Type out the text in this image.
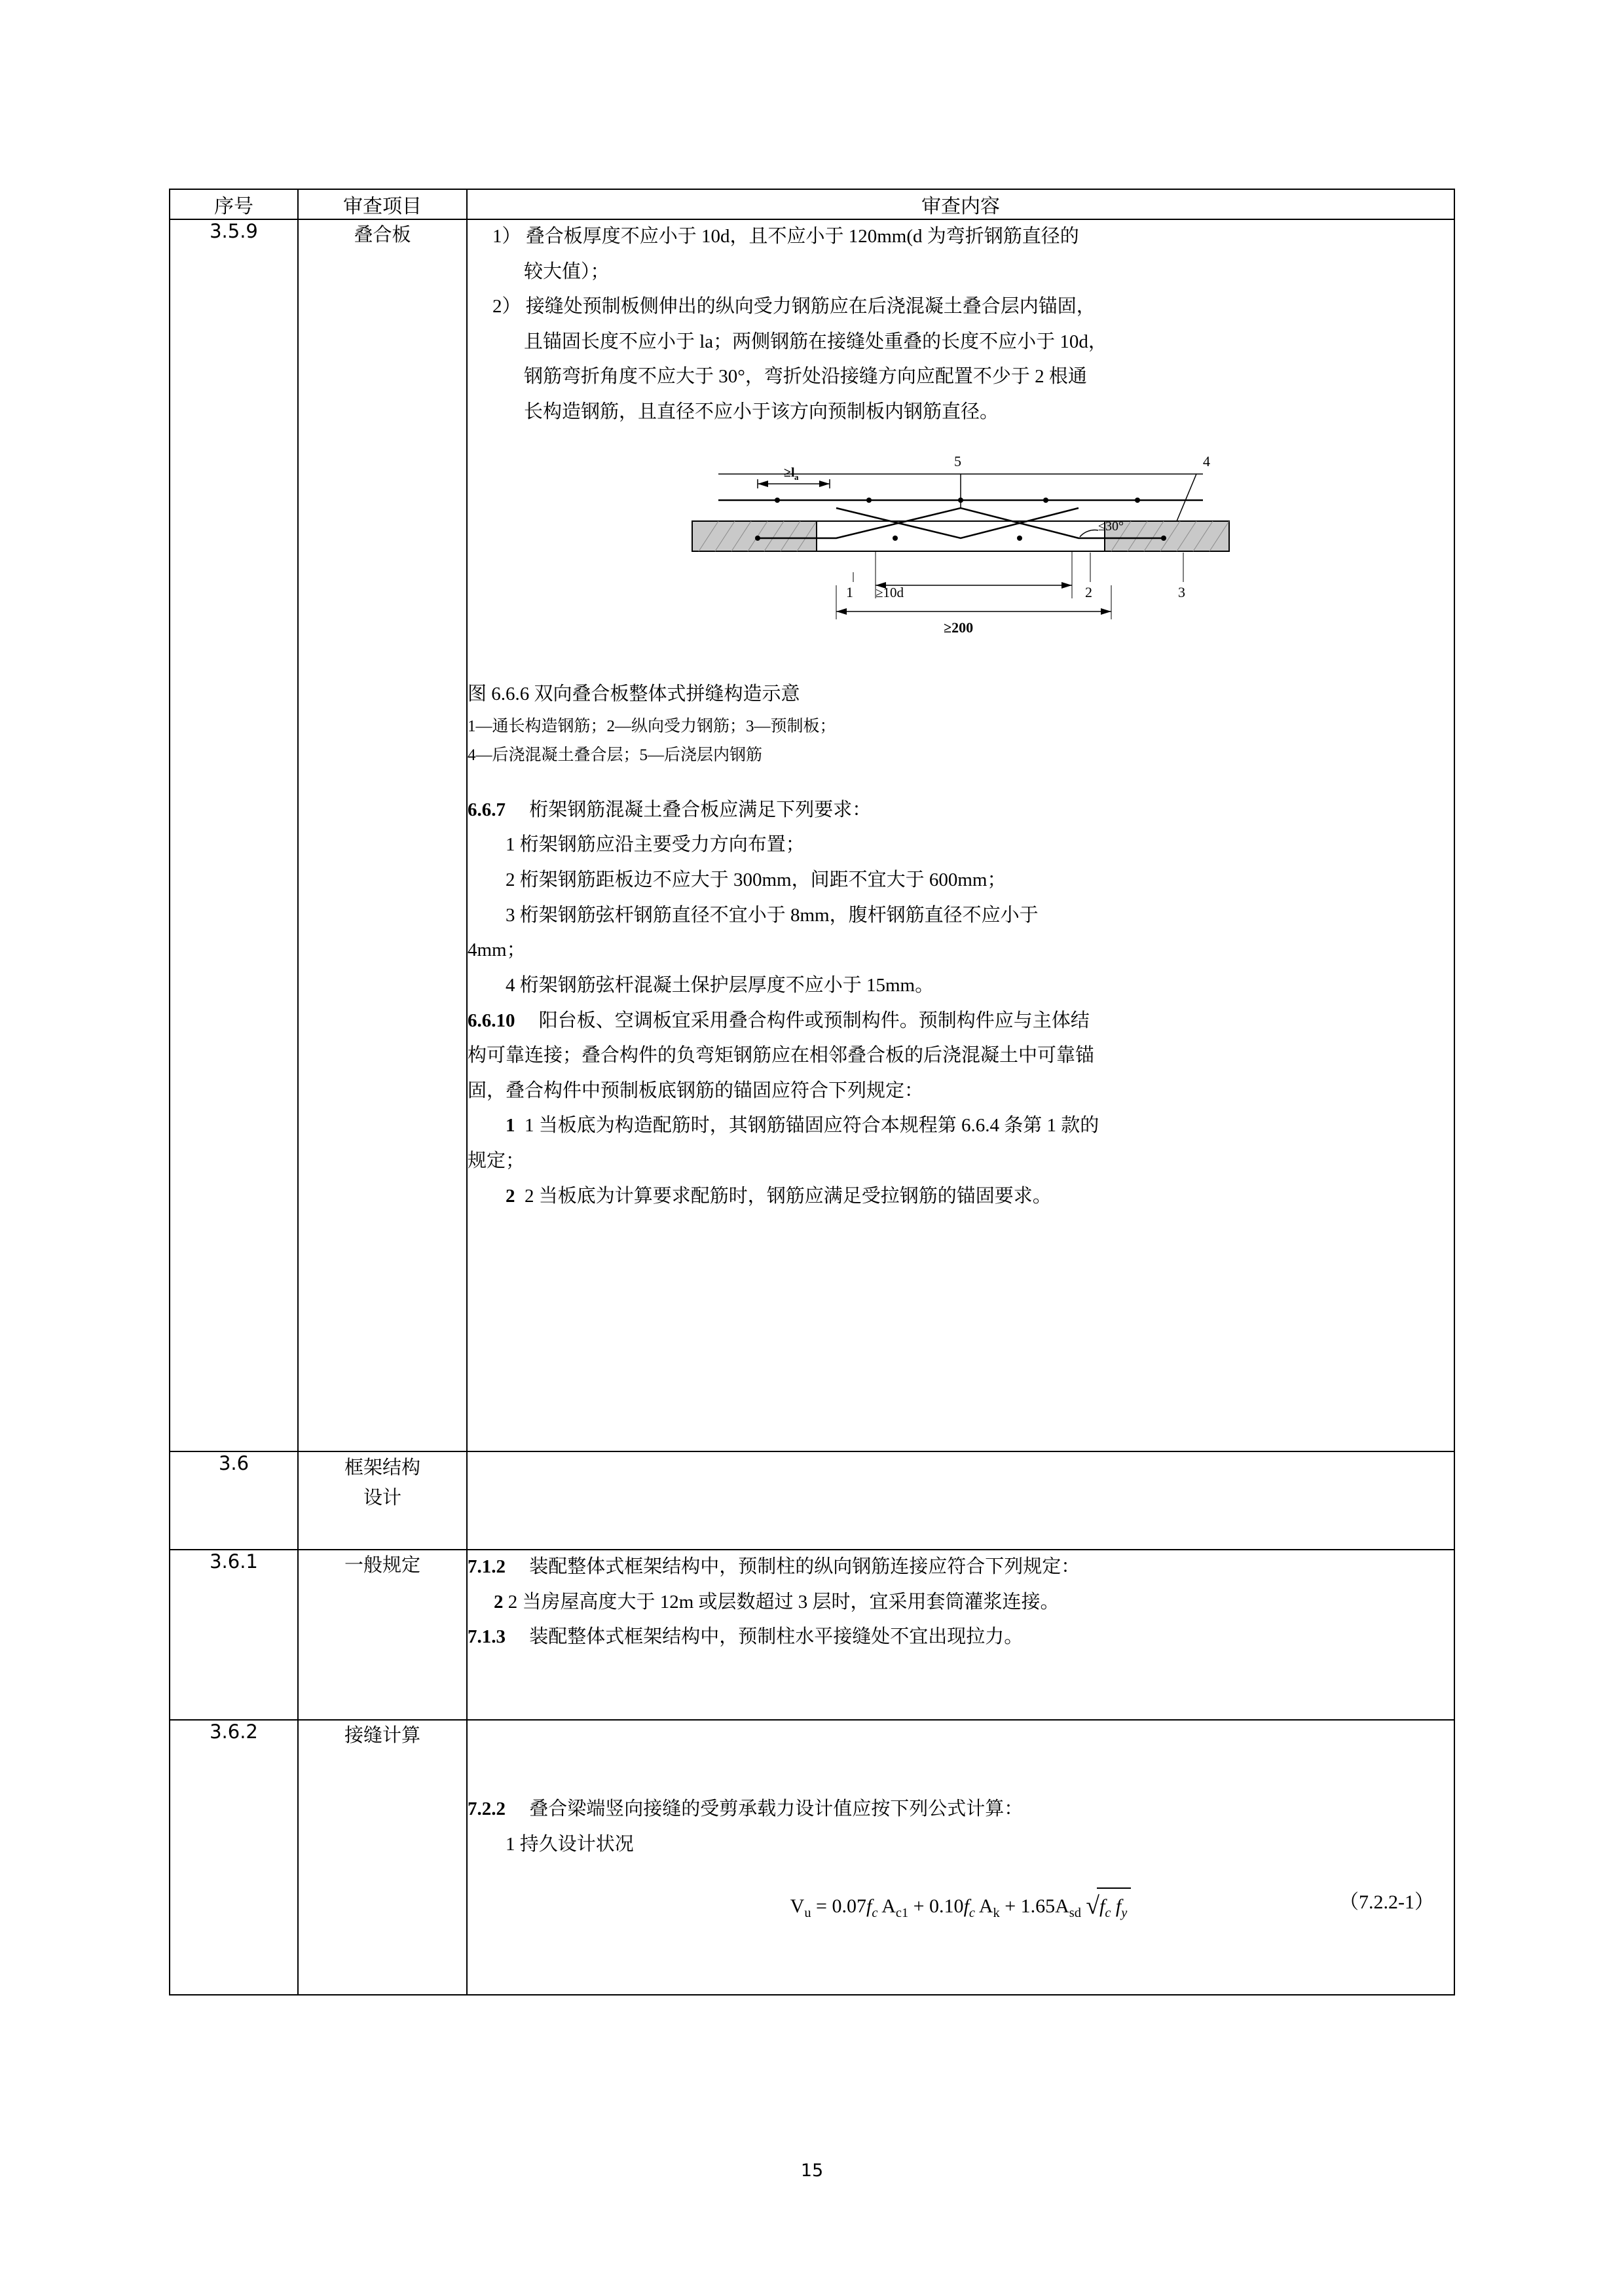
序号	审查项目	审查内容
3.5.9	叠合板	1） 叠合板厚度不应小于 10d，且不应小于 120mm(d 为弯折钢筋直径的

较大值）；

2） 接缝处预制板侧伸出的纵向受力钢筋应在后浇混凝土叠合层内锚固，

且锚固长度不应小于 la；两侧钢筋在接缝处重叠的长度不应小于 10d，

钢筋弯折角度不应大于 30°，弯折处沿接缝方向应配置不少于 2 根通

长构造钢筋，且直径不应小于该方向预制板内钢筋直径。

≥l a
5	4
≤30°
1 ≥10d	2	3
≥200

图 6.6.6 双向叠合板整体式拼缝构造示意

1—通长构造钢筋；2—纵向受力钢筋；3—预制板；

4—后浇混凝土叠合层；5—后浇层内钢筋

6.6.7 桁架钢筋混凝土叠合板应满足下列要求：

1 桁架钢筋应沿主要受力方向布置；

2 桁架钢筋距板边不应大于 300mm，间距不宜大于 600mm；

3 桁架钢筋弦杆钢筋直径不宜小于 8mm，腹杆钢筋直径不应小于

4mm；

4 桁架钢筋弦杆混凝土保护层厚度不应小于 15mm。

6.6.10 阳台板、空调板宜采用叠合构件或预制构件。预制构件应与主体结

构可靠连接；叠合构件的负弯矩钢筋应在相邻叠合板的后浇混凝土中可靠锚

固，叠合构件中预制板底钢筋的锚固应符合下列规定：

1 1 当板底为构造配筋时，其钢筋锚固应符合本规程第 6.6.4 条第 1 款的

规定；

2 2 当板底为计算要求配筋时，钢筋应满足受拉钢筋的锚固要求。

3.6	框架结构
设计	

3.6.1	一般规定	7.1.2 装配整体式框架结构中，预制柱的纵向钢筋连接应符合下列规定：

2 2 当房屋高度大于 12m 或层数超过 3 层时，宜采用套筒灌浆连接。

7.1.3 装配整体式框架结构中，预制柱水平接缝处不宜出现拉力。

3.6.2	接缝计算	7.2.2 叠合梁端竖向接缝的受剪承载力设计值应按下列公式计算：

1 持久设计状况

$V_u = 0.07f_c$ $A_{c1} + 0.10f_c$ $A_k + 1.65A_{sd}$ $√f_c$ $f_y$ （7.2.2-1）
15
